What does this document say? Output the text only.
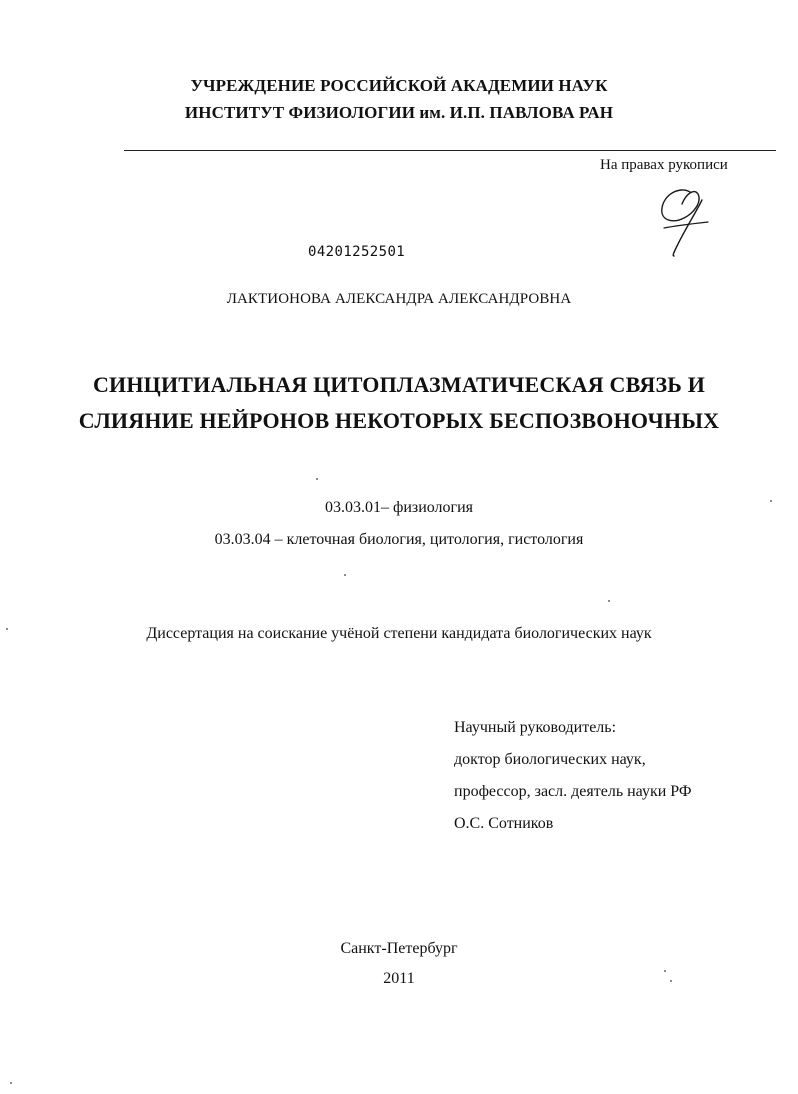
УЧРЕЖДЕНИЕ РОССИЙСКОЙ АКАДЕМИИ НАУК
ИНСТИТУТ ФИЗИОЛОГИИ им. И.П. ПАВЛОВА РАН
На правах рукописи
04201252501
ЛАКТИОНОВА АЛЕКСАНДРА АЛЕКСАНДРОВНА
СИНЦИТИАЛЬНАЯ ЦИТОПЛАЗМАТИЧЕСКАЯ СВЯЗЬ И
СЛИЯНИЕ НЕЙРОНОВ НЕКОТОРЫХ БЕСПОЗВОНОЧНЫХ
03.03.01– физиология
03.03.04 – клеточная биология, цитология, гистология
Диссертация на соискание учёной степени кандидата биологических наук
Научный руководитель:
доктор биологических наук,
профессор, засл. деятель науки РФ
О.С. Сотников
Санкт-Петербург
2011
